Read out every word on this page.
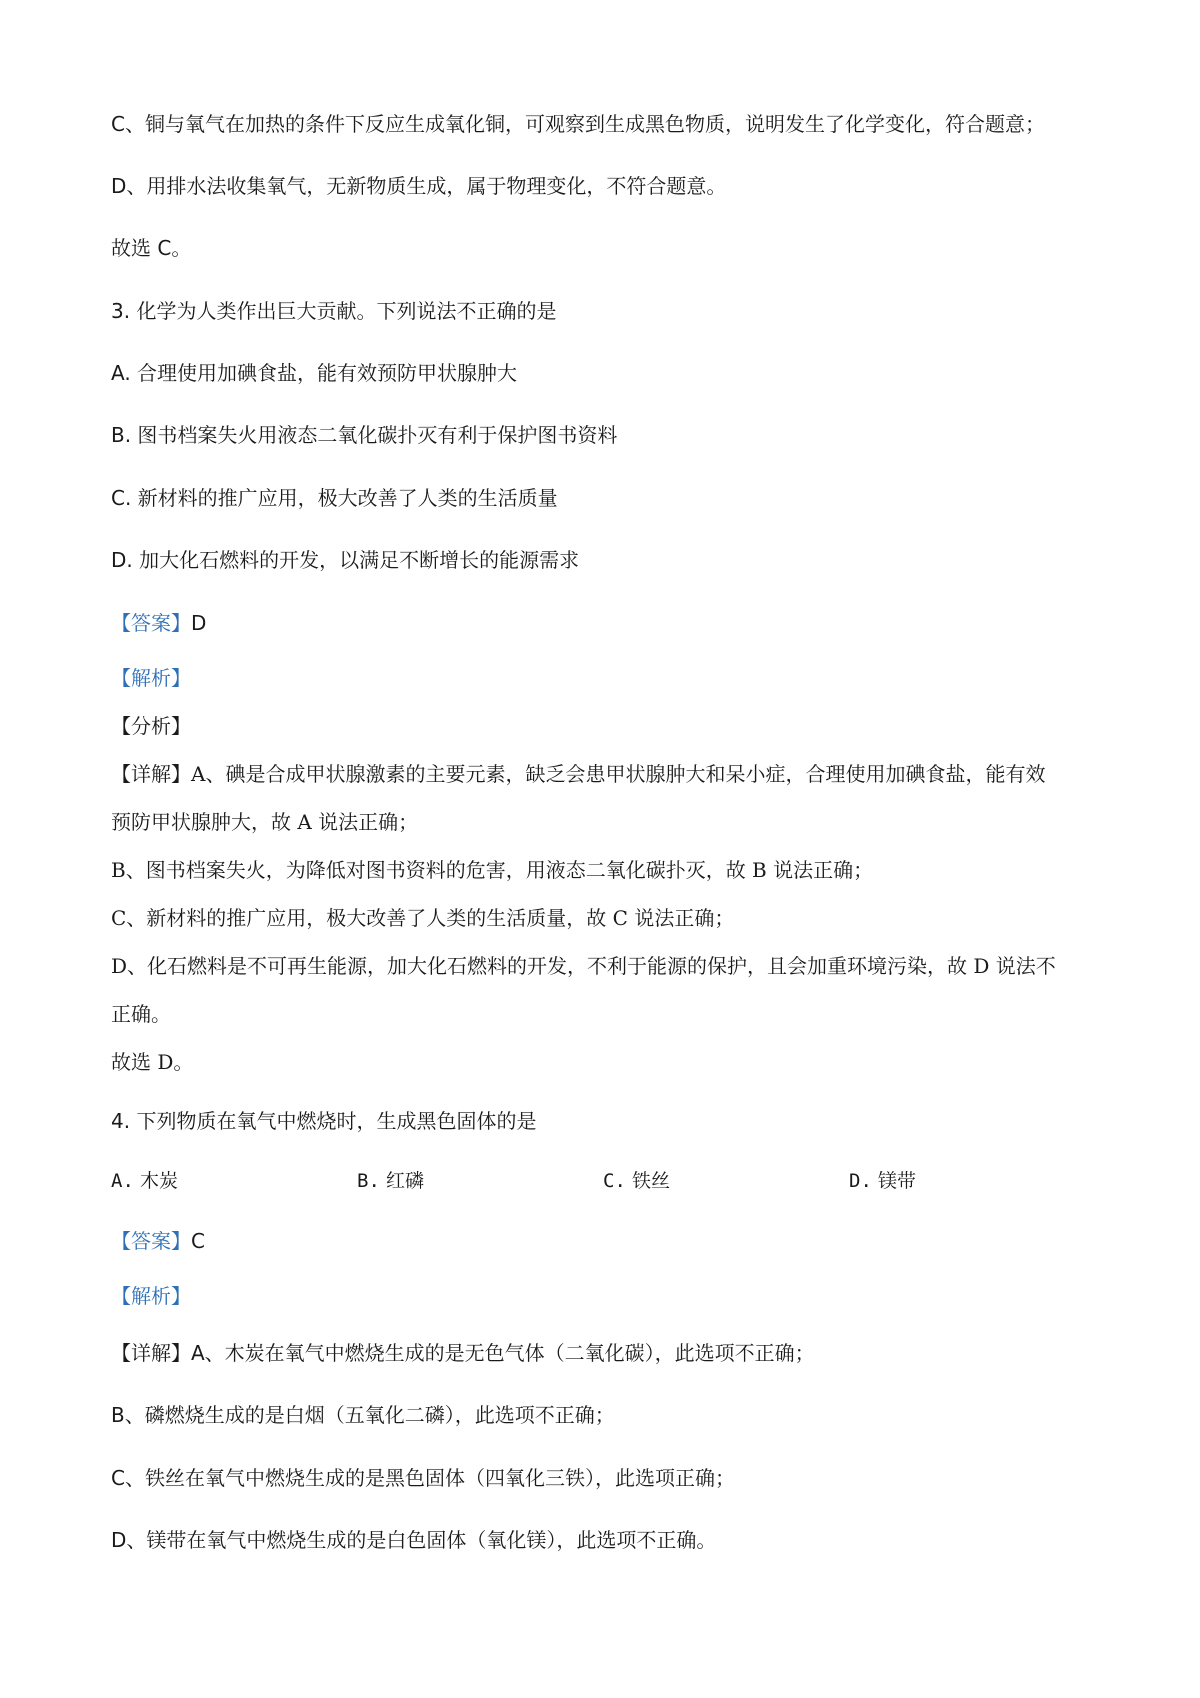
C、铜与氧气在加热的条件下反应生成氧化铜，可观察到生成黑色物质，说明发生了化学变化，符合题意；
D、用排水法收集氧气，无新物质生成，属于物理变化，不符合题意。
故选 C。
3. 化学为人类作出巨大贡献。下列说法不正确的是
A. 合理使用加碘食盐，能有效预防甲状腺肿大
B. 图书档案失火用液态二氧化碳扑灭有利于保护图书资料
C. 新材料的推广应用，极大改善了人类的生活质量
D. 加大化石燃料的开发，以满足不断增长的能源需求
【答案】D
【解析】
【分析】
【详解】A、碘是合成甲状腺激素的主要元素，缺乏会患甲状腺肿大和呆小症，合理使用加碘食盐，能有效
预防甲状腺肿大，故 A 说法正确；
B、图书档案失火，为降低对图书资料的危害，用液态二氧化碳扑灭，故 B 说法正确；
C、新材料的推广应用，极大改善了人类的生活质量，故 C 说法正确；
D、化石燃料是不可再生能源，加大化石燃料的开发，不利于能源的保护，且会加重环境污染，故 D 说法不
正确。
故选 D。
4. 下列物质在氧气中燃烧时，生成黑色固体的是
A. 木炭	B. 红磷	C. 铁丝	D. 镁带
【答案】C
【解析】
【详解】A、木炭在氧气中燃烧生成的是无色气体（二氧化碳），此选项不正确；
B、磷燃烧生成的是白烟（五氧化二磷），此选项不正确；
C、铁丝在氧气中燃烧生成的是黑色固体（四氧化三铁），此选项正确；
D、镁带在氧气中燃烧生成的是白色固体（氧化镁），此选项不正确。
